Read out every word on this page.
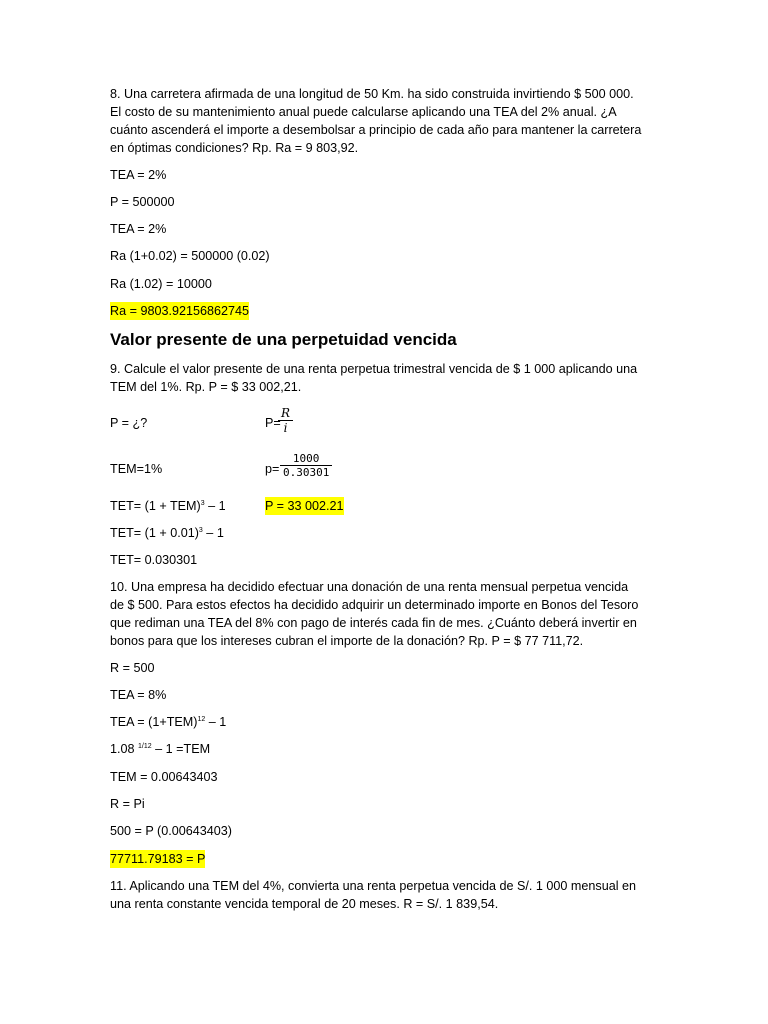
8. Una carretera afirmada de una longitud de 50 Km. ha sido construida invirtiendo $ 500 000.
El costo de su mantenimiento anual puede calcularse aplicando una TEA del 2% anual. ¿A
cuánto ascenderá el importe a desembolsar a principio de cada año para mantener la carretera
en óptimas condiciones? Rp. Ra = 9 803,92.
TEA = 2%
P = 500000
TEA = 2%
Ra (1+0.02) = 500000 (0.02)
Ra (1.02) = 10000
Ra = 9803.92156862745
Valor presente de una perpetuidad vencida
9. Calcule el valor presente de una renta perpetua trimestral vencida de $ 1 000 aplicando una
TEM del 1%. Rp. P = $ 33 002,21.
P = ¿?	P=
$\frac{R}{i}$
TEM=1%	$p= \frac{1000}{0.30301}$
TET= (1 + TEM)$^3$ – 1	P = 33 002.21
$TET= (1 + 0.01)^3 - 1$
TET= 0.030301
10. Una empresa ha decidido efectuar una donación de una renta mensual perpetua vencida
de $ 500. Para estos efectos ha decidido adquirir un determinado importe en Bonos del Tesoro
que rediman una TEA del 8% con pago de interés cada fin de mes. ¿Cuánto deberá invertir en
bonos para que los intereses cubran el importe de la donación? Rp. P = $ 77 711,72.
R = 500
TEA = 8%
TEA = $(1+TEM)^{12} - 1$
1.08 $^{1/12}$ – 1 =TEM
TEM = 0.00643403
R = Pi
500 = P (0.00643403)
77711.79183 = P
11. Aplicando una TEM del 4%, convierta una renta perpetua vencida de S/. 1 000 mensual en
una renta constante vencida temporal de 20 meses. R = S/. 1 839,54.
